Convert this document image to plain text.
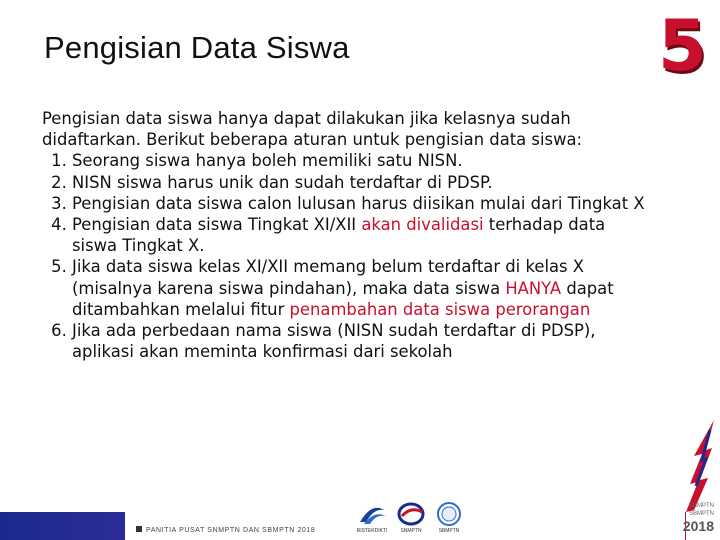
Pengisian Data Siswa	5

Pengisian data siswa hanya dapat dilakukan jika kelasnya sudah didaftarkan. Berikut beberapa aturan untuk pengisian data siswa:

1. Seorang siswa hanya boleh memiliki satu NISN.
2. NISN siswa harus unik dan sudah terdaftar di PDSP.
3. Pengisian data siswa calon lulusan harus diisikan mulai dari Tingkat X
4. Pengisian data siswa Tingkat XI/XII akan divalidasi terhadap data siswa Tingkat X.
5. Jika data siswa kelas XI/XII memang belum terdaftar di kelas X (misalnya karena siswa pindahan), maka data siswa HANYA dapat ditambahkan melalui fitur penambahan data siswa perorangan
6. Jika ada perbedaan nama siswa (NISN sudah terdaftar di PDSP), aplikasi akan meminta konfirmasi dari sekolah
PANITIA PUSAT SNMPTN DAN SBMPTN 2018	RISTEKDIKTI	SNMPTN	SBMPTN
SNMPTN
SBMPTN
2018
